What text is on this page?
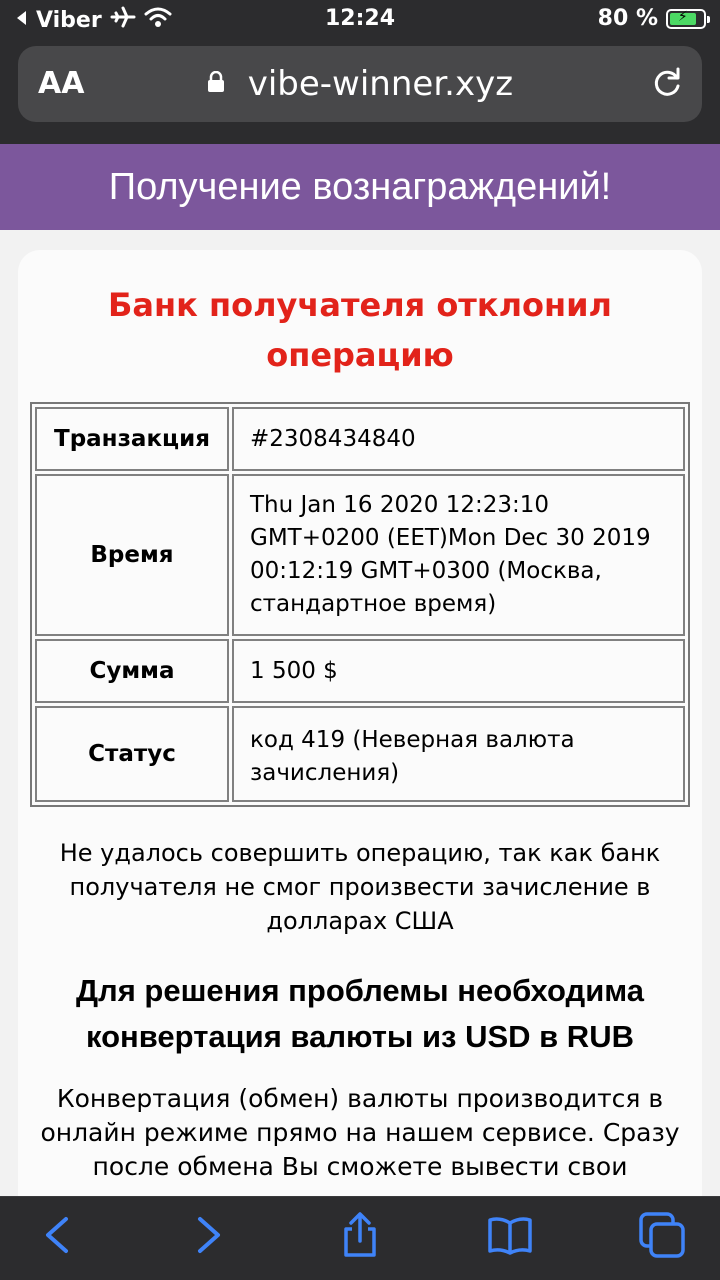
Viber	12:24	80 %	⚡
AA	vibe-winner.xyz
Получение вознаграждений!
Банк получателя отклонил операцию
Транзакция	#2308434840
Время	Thu Jan 16 2020 12:23:10 GMT+0200 (EET)Mon Dec 30 2019 00:12:19 GMT+0300 (Москва, стандартное время)
Сумма	1 500 $
Статус	код 419 (Неверная валюта зачисления)
Не удалось совершить операцию, так как банк получателя не смог произвести зачисление в долларах США
Для решения проблемы необходима конвертация валюты из USD в RUB
Конвертация (обмен) валюты производится в онлайн режиме прямо на нашем сервисе. Сразу после обмена Вы сможете вывести свои
